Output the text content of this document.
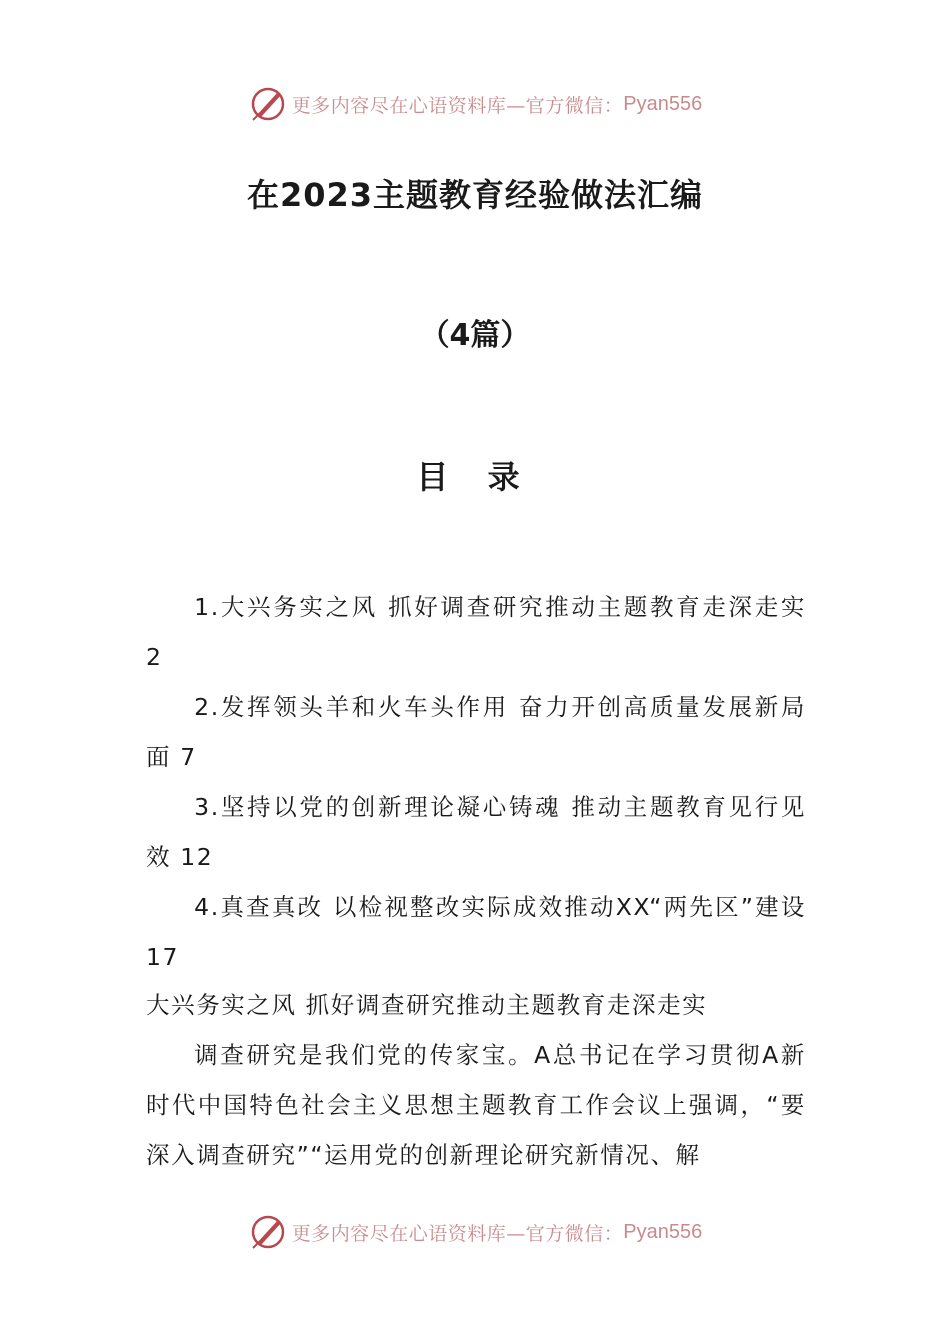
更多内容尽在心语资料库—官方微信： Pyan556
在2023主题教育经验做法汇编
（4篇）
目 录

1.大兴务实之风 抓好调查研究推动主题教育走深走实 2

2.发挥领头羊和火车头作用 奋力开创高质量发展新局面 7

3.坚持以党的创新理论凝心铸魂 推动主题教育见行见效 12

4.真查真改 以检视整改实际成效推动XX“两先区”建设 17

大兴务实之风 抓好调查研究推动主题教育走深走实

调查研究是我们党的传家宝。A总书记在学习贯彻A新时代中国特色社会主义思想主题教育工作会议上强调，“要深入调查研究”“运用党的创新理论研究新情况、解

更多内容尽在心语资料库—官方微信： Pyan556
